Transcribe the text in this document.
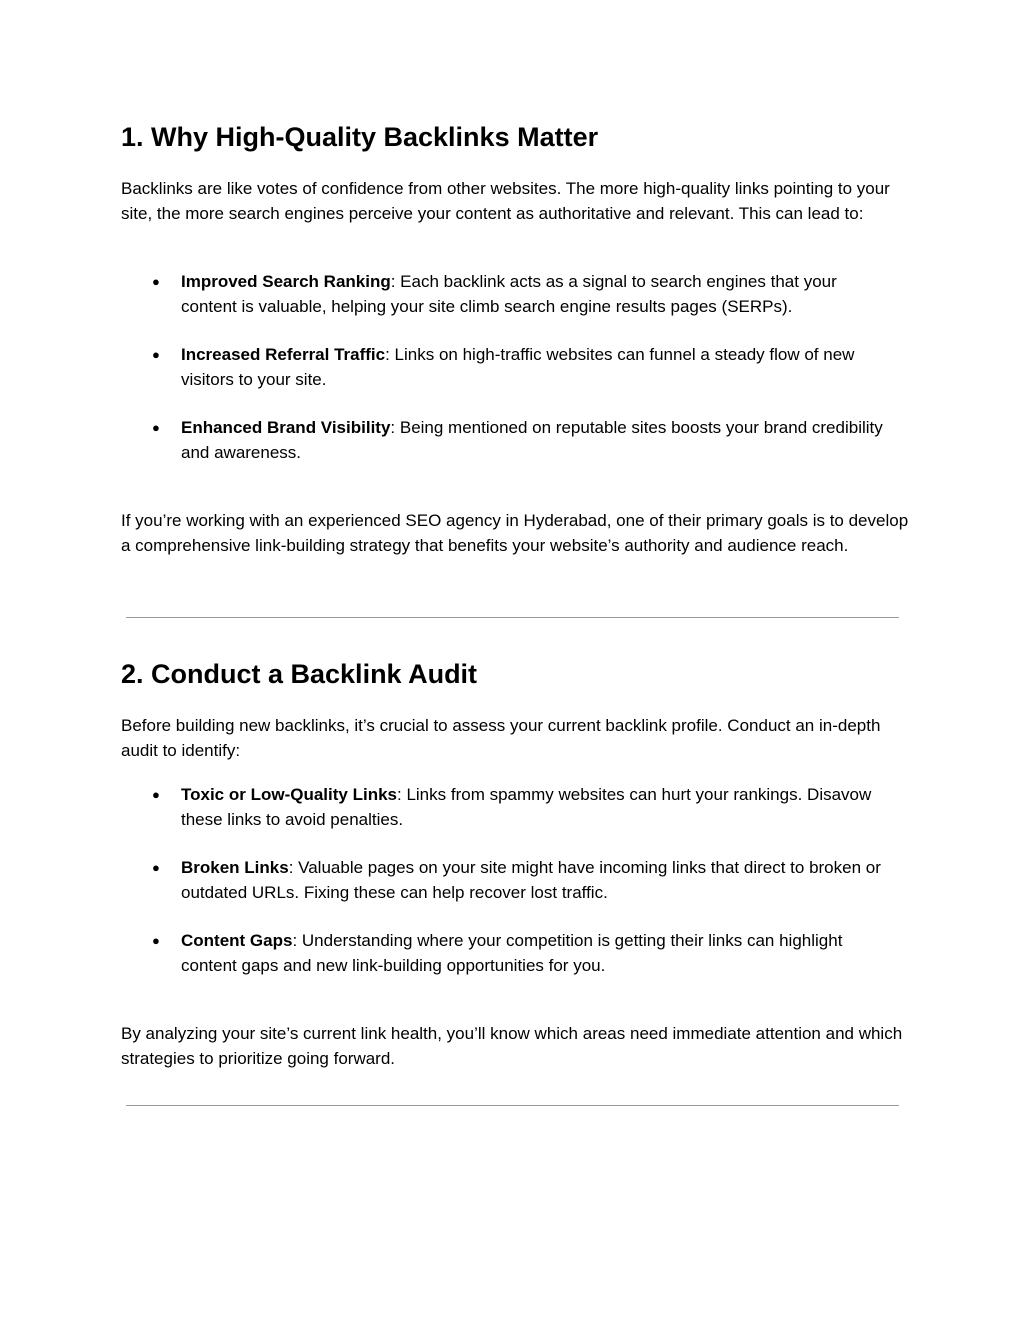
1. Why High-Quality Backlinks Matter

Backlinks are like votes of confidence from other websites. The more high-quality links pointing to your site, the more search engines perceive your content as authoritative and relevant. This can lead to:

● Improved Search Ranking: Each backlink acts as a signal to search engines that your content is valuable, helping your site climb search engine results pages (SERPs).
● Increased Referral Traffic: Links on high-traffic websites can funnel a steady flow of new visitors to your site.
● Enhanced Brand Visibility: Being mentioned on reputable sites boosts your brand credibility and awareness.

If you’re working with an experienced SEO agency in Hyderabad, one of their primary goals is to develop a comprehensive link-building strategy that benefits your website’s authority and audience reach.

2. Conduct a Backlink Audit

Before building new backlinks, it’s crucial to assess your current backlink profile. Conduct an in-depth audit to identify:

● Toxic or Low-Quality Links: Links from spammy websites can hurt your rankings. Disavow these links to avoid penalties.
● Broken Links: Valuable pages on your site might have incoming links that direct to broken or outdated URLs. Fixing these can help recover lost traffic.
● Content Gaps: Understanding where your competition is getting their links can highlight content gaps and new link-building opportunities for you.

By analyzing your site’s current link health, you’ll know which areas need immediate attention and which strategies to prioritize going forward.
